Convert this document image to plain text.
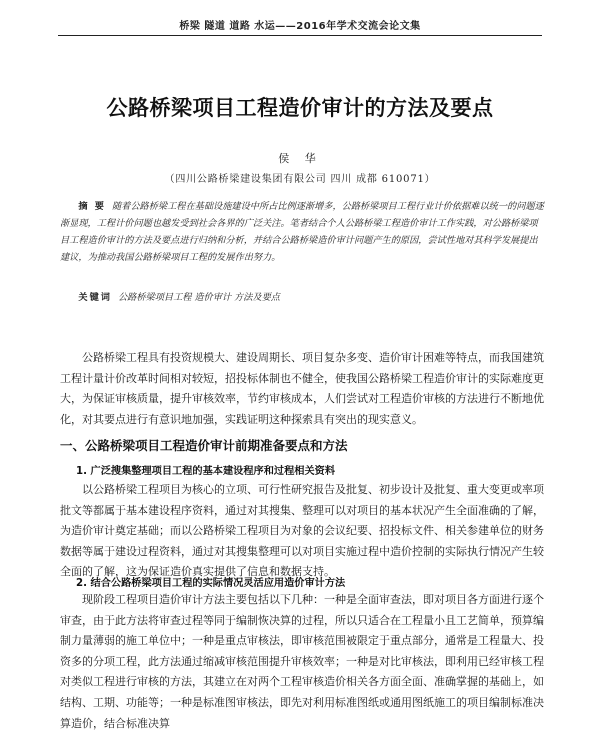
桥梁 隧道 道路 水运——2016年学术交流会论文集
公路桥梁项目工程造价审计的方法及要点
侯 华
（四川公路桥梁建设集团有限公司 四川 成都 610071）
摘 要 随着公路桥梁工程在基础设施建设中所占比例逐渐增多，公路桥梁项目工程行业计价依据难以统一的问题逐渐显现，工程计价问题也越发受到社会各界的广泛关注。笔者结合个人公路桥梁工程造价审计工作实践，对公路桥梁项目工程造价审计的方法及要点进行归纳和分析，并结合公路桥梁造价审计问题产生的原因，尝试性地对其科学发展提出建议，为推动我国公路桥梁项目工程的发展作出努力。
关键词 公路桥梁项目工程 造价审计 方法及要点
公路桥梁工程具有投资规模大、建设周期长、项目复杂多变、造价审计困难等特点，而我国建筑工程计量计价改革时间相对较短，招投标体制也不健全，使我国公路桥梁工程造价审计的实际难度更大，为保证审核质量，提升审核效率，节约审核成本，人们尝试对工程造价审核的方法进行不断地优化，对其要点进行有意识地加强，实践证明这种探索具有突出的现实意义。
一、公路桥梁项目工程造价审计前期准备要点和方法
1. 广泛搜集整理项目工程的基本建设程序和过程相关资料
以公路桥梁工程项目为核心的立项、可行性研究报告及批复、初步设计及批复、重大变更或率项批文等都属于基本建设程序资料，通过对其搜集、整理可以对项目的基本状况产生全面准确的了解，为造价审计奠定基础；而以公路桥梁工程项目为对象的会议纪要、招投标文件、相关参建单位的财务数据等属于建设过程资料，通过对其搜集整理可以对项目实施过程中造价控制的实际执行情况产生较全面的了解，这为保证造价真实提供了信息和数据支持。
2. 结合公路桥梁项目工程的实际情况灵活应用造价审计方法
现阶段工程项目造价审计方法主要包括以下几种：一种是全面审查法，即对项目各方面进行逐个审查，由于此方法将审查过程等同于编制恢决算的过程，所以只适合在工程量小且工艺简单，预算编制力量薄弱的施工单位中；一种是重点审核法，即审核范围被限定于重点部分，通常是工程量大、投资多的分项工程，此方法通过缩减审核范围提升审核效率；一种是对比审核法，即利用已经审核工程对类似工程进行审核的方法，其建立在对两个工程审核造价相关各方面全面、准确掌握的基础上，如结构、工期、功能等；一种是标准图审核法，即先对利用标准图纸或通用图纸施工的项目编制标准决算造价，结合标准决算
